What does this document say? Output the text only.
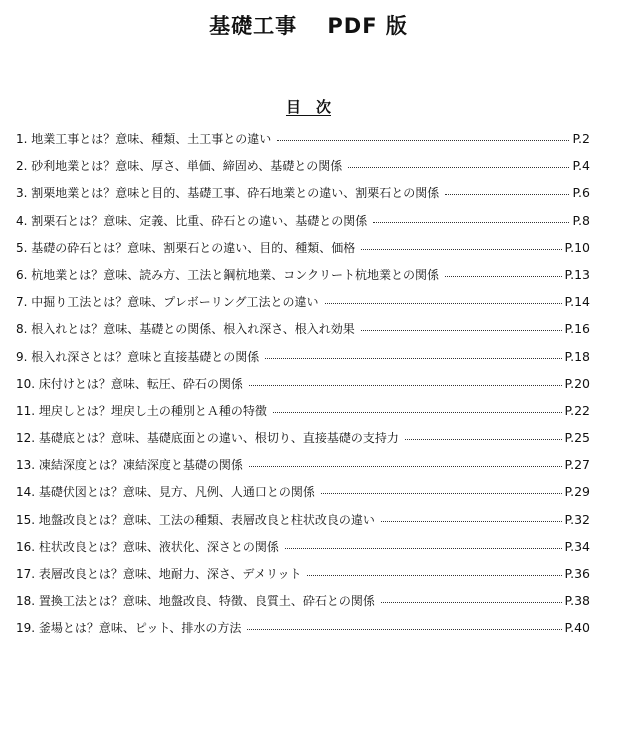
基礎工事　 PDF 版
目　次
1. 地業工事とは？意味、種類、土工事との違い	P.2
2. 砂利地業とは？意味、厚さ、単価、締固め、基礎との関係	P.4
3. 割栗地業とは？意味と目的、基礎工事、砕石地業との違い、割栗石との関係	P.6
4. 割栗石とは？意味、定義、比重、砕石との違い、基礎との関係	P.8
5. 基礎の砕石とは？意味、割栗石との違い、目的、種類、価格	P.10
6. 杭地業とは？意味、読み方、工法と鋼杭地業、コンクリート杭地業との関係	P.13
7. 中掘り工法とは？意味、プレボーリング工法との違い	P.14
8. 根入れとは？意味、基礎との関係、根入れ深さ、根入れ効果	P.16
9. 根入れ深さとは？意味と直接基礎との関係	P.18
10. 床付けとは？意味、転圧、砕石の関係	P.20
11. 埋戻しとは？埋戻し土の種別とＡ種の特徴	P.22
12. 基礎底とは？意味、基礎底面との違い、根切り、直接基礎の支持力	P.25
13. 凍結深度とは？凍結深度と基礎の関係	P.27
14. 基礎伏図とは？意味、見方、凡例、人通口との関係	P.29
15. 地盤改良とは？意味、工法の種類、表層改良と柱状改良の違い	P.32
16. 柱状改良とは？意味、液状化、深さとの関係	P.34
17. 表層改良とは？意味、地耐力、深さ、デメリット	P.36
18. 置換工法とは？意味、地盤改良、特徴、良質土、砕石との関係	P.38
19. 釜場とは？意味、ピット、排水の方法	P.40
